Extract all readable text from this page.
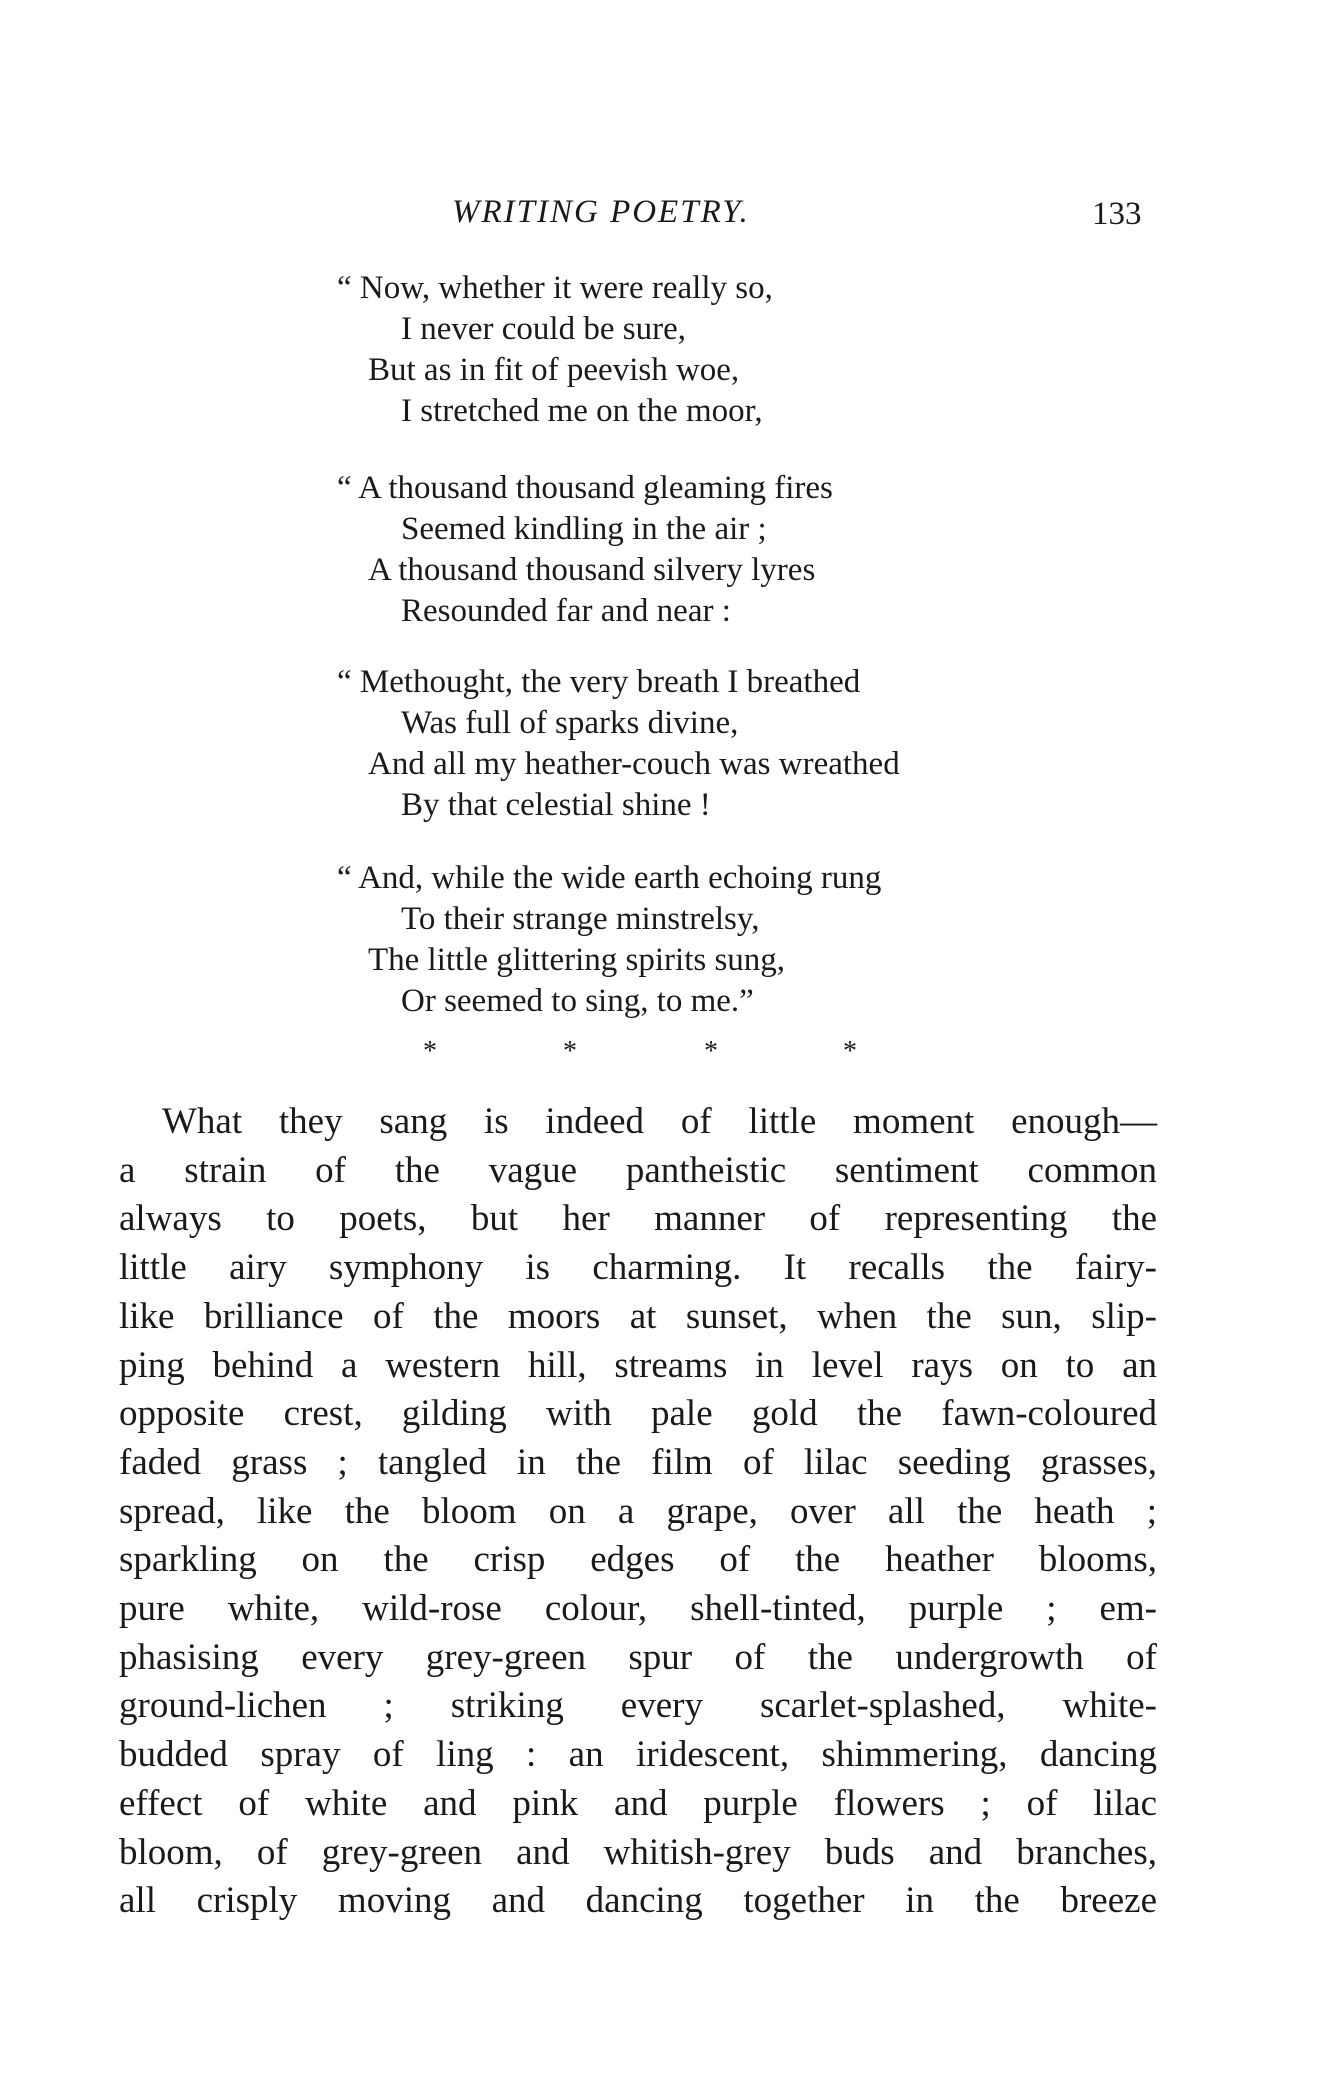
WRITING POETRY.	133
“ Now, whether it were really so,
I never could be sure,
But as in fit of peevish woe,
I stretched me on the moor,
“ A thousand thousand gleaming fires
Seemed kindling in the air ;
A thousand thousand silvery lyres
Resounded far and near :
“ Methought, the very breath I breathed
Was full of sparks divine,
And all my heather-couch was wreathed
By that celestial shine !
“ And, while the wide earth echoing rung
To their strange minstrelsy,
The little glittering spirits sung,
Or seemed to sing, to me.”
*	*	*	*
What they sang is indeed of little moment enough—
a strain of the vague pantheistic sentiment common
always to poets, but her manner of representing the
little airy symphony is charming. It recalls the fairy-
like brilliance of the moors at sunset, when the sun, slip-
ping behind a western hill, streams in level rays on to an
opposite crest, gilding with pale gold the fawn-coloured
faded grass ; tangled in the film of lilac seeding grasses,
spread, like the bloom on a grape, over all the heath ;
sparkling on the crisp edges of the heather blooms,
pure white, wild-rose colour, shell-tinted, purple ; em-
phasising every grey-green spur of the undergrowth of
ground-lichen ; striking every scarlet-splashed, white-
budded spray of ling : an iridescent, shimmering, dancing
effect of white and pink and purple flowers ; of lilac
bloom, of grey-green and whitish-grey buds and branches,
all crisply moving and dancing together in the breeze
